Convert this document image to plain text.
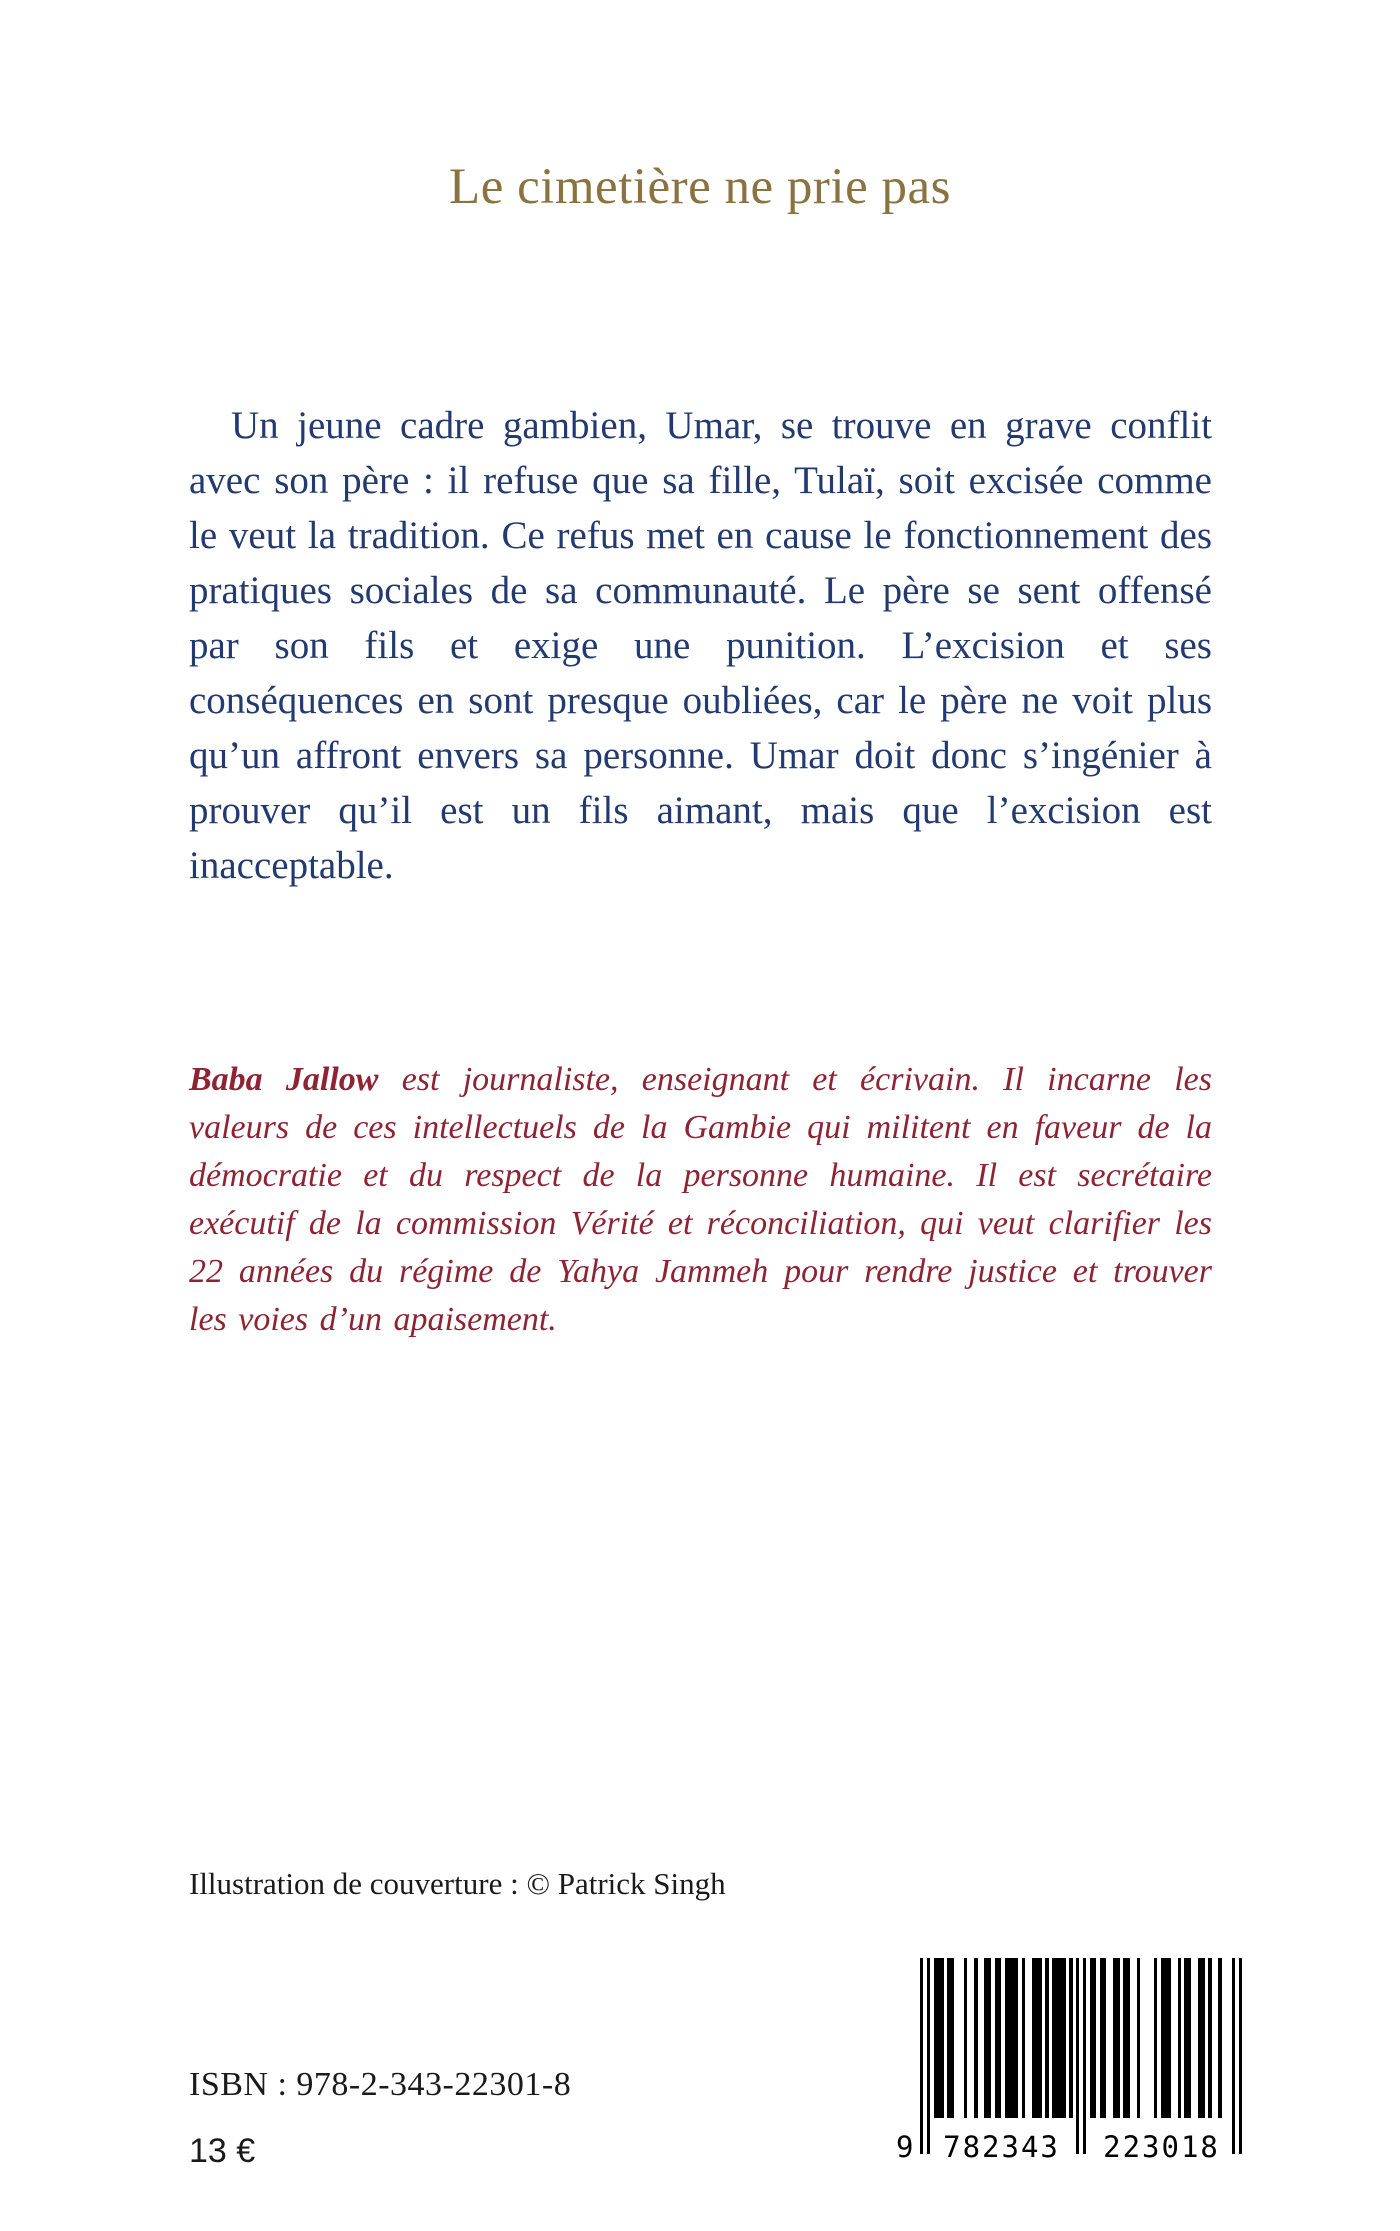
Le cimetière ne prie pas

Un jeune cadre gambien, Umar, se trouve en grave conflit avec son père : il refuse que sa fille, Tulaï, soit excisée comme le veut la tradition. Ce refus met en cause le fonctionnement des pratiques sociales de sa communauté. Le père se sent offensé par son fils et exige une punition. L’excision et ses conséquences en sont presque oubliées, car le père ne voit plus qu’un affront envers sa personne. Umar doit donc s’ingénier à prouver qu’il est un fils aimant, mais que l’excision est inacceptable.

Baba Jallow est journaliste, enseignant et écrivain. Il incarne les valeurs de ces intellectuels de la Gambie qui militent en faveur de la démocratie et du respect de la personne humaine. Il est secrétaire exécutif de la commission Vérité et réconciliation, qui veut clarifier les 22 années du régime de Yahya Jammeh pour rendre justice et trouver les voies d’un apaisement.

Illustration de couverture : © Patrick Singh

ISBN : 978-2-343-22301-8

13 €	9	782343	223018
